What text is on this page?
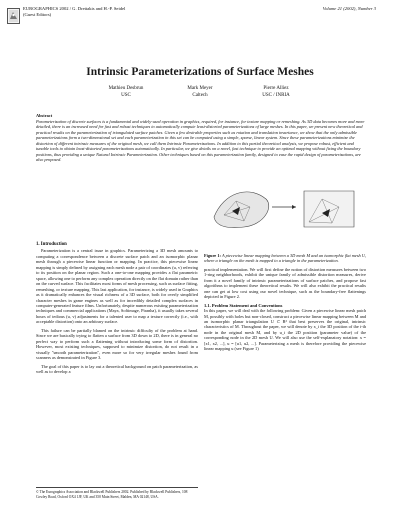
EUROGRAPHICS 2002 / G. Drettakis and H.-P. Seidel
(Guest Editors)
Volume 21 (2002), Number 3
Intrinsic Parameterizations of Surface Meshes
Mathieu Desbrun
USC
Mark Meyer
Caltech
Pierre Alliez
USC / INRIA
Abstract
Parameterization of discrete surfaces is a fundamental and widely-used operation in graphics, required, for instance, for texture mapping or remeshing. As 3D data becomes more and more detailed, there is an increased need for fast and robust techniques to automatically compute least-distorted parameterizations of large meshes. In this paper, we present new theoretical and practical results on the parameterization of triangulated surface patches. Given a few desirable properties such as rotation and translation invariance, we show that the only admissible parameterizations form a two-dimensional set and each parameterization in this set can be computed using a simple, sparse, linear system. Since these parameterizations minimize the distortion of different intrinsic measures of the original mesh, we call them Intrinsic Parameterizations. In addition to this partial theoretical analysis, we propose robust, efficient and tunable tools to obtain least-distorted parameterizations automatically. In particular, we give details on a novel, fast technique to provide an optimal mapping without fixing the boundary positions, thus providing a unique Natural Intrinsic Parameterization. Other techniques based on this parameterization family, designed to ease the rapid design of parameterizations, are also proposed.
1. Introduction

Parameterization is a central issue in graphics. Parameterizing a 3D mesh amounts to computing a correspondence between a discrete surface patch and an isomorphic planar mesh through a piecewise linear function or mapping. In practice, this piecewise linear mapping is simply defined by assigning each mesh node a pair of coordinates (u, v) referring to its position on the planar region. Such a one-to-one mapping provides a flat parametric space, allowing one to perform any complex operation directly on the flat domain rather than on the curved surface. This facilitates most forms of mesh processing, such as surface fitting, remeshing, or texture mapping. This last application, for instance, is widely used in Graphics as it dramatically enhances the visual richness of a 3D surface, both for overly simplified character meshes in game engines as well as for incredibly detailed complex surfaces in computer-generated feature films. Unfortunately, despite numerous existing parameterization techniques and commercial applications (Maya, Softimage, Piranha), it usually takes several hours of tedious (u, v) adjustments for a talented user to map a texture correctly (i.e., with acceptable distortion) onto an arbitrary surface.

This failure can be partially blamed on the intrinsic difficulty of the problem at hand. Since we are basically trying to flatten a surface from 3D down to 2D, there is in general no perfect way to perform such a flattening without introducing some form of distortion. However, most existing techniques, supposed to minimize distortion, do not result in a visually "smooth parameterization", even more so for very irregular meshes found from scanners as demonstrated in Figure 3.

The goal of this paper is to lay out a theoretical background on patch parameterization, as well as to develop a

Figure 1: A piecewise linear mapping between a 3D mesh M and an isomorphic flat mesh U, where a triangle on the mesh is mapped to a triangle in the parameterization.

practical implementation. We will first define the notion of distortion measures between two 1-ring neighborhoods, exhibit the unique family of admissible distortion measures, derive from it a novel family of intrinsic parameterizations of surface patches, and propose fast algorithms to implement these theoretical results. We will also exhibit the practical results one can get at low cost using our novel technique, such as the boundary-free flattenings depicted in Figure 2.

1.1. Problem Statement and Conventions

In this paper, we will deal with the following problem: Given a piecewise linear mesh patch M, possibly with holes but non-closed, construct a piecewise linear mapping between M and an isomorphic planar triangulation U ⊂ R² that best preserves the original, intrinsic characteristics of M. Throughout the paper, we will denote by x_i the 3D position of the i-th node in the original mesh M, and by u_i the 2D position (parameter value) of the corresponding node in the 2D mesh U. We will also use the self-explanatory notation: x = [x1, x2, ...], u = [u1, u2, ...]. Parameterizing a mesh is therefore providing the piecewise linear mapping u (see Figure 1)

© The Eurographics Association and Blackwell Publishers 2002. Published by Blackwell Publishers, 108 Cowley Road, Oxford OX4 1JF, UK and 350 Main Street, Malden, MA 02148, USA.
